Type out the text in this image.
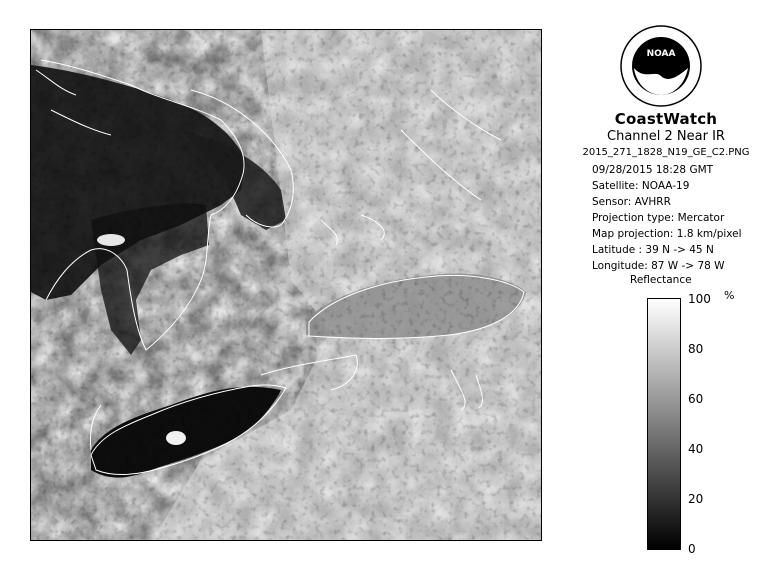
NOAA
CoastWatch
Channel 2 Near IR
2015_271_1828_N19_GE_C2.PNG
09/28/2015 18:28 GMT
Satellite: NOAA-19
Sensor: AVHRR
Projection type: Mercator
Map projection: 1.8 km/pixel
Latitude : 39 N -> 45 N
Longitude: 87 W -> 78 W
Reflectance
%
100
80
60
40
20
0
